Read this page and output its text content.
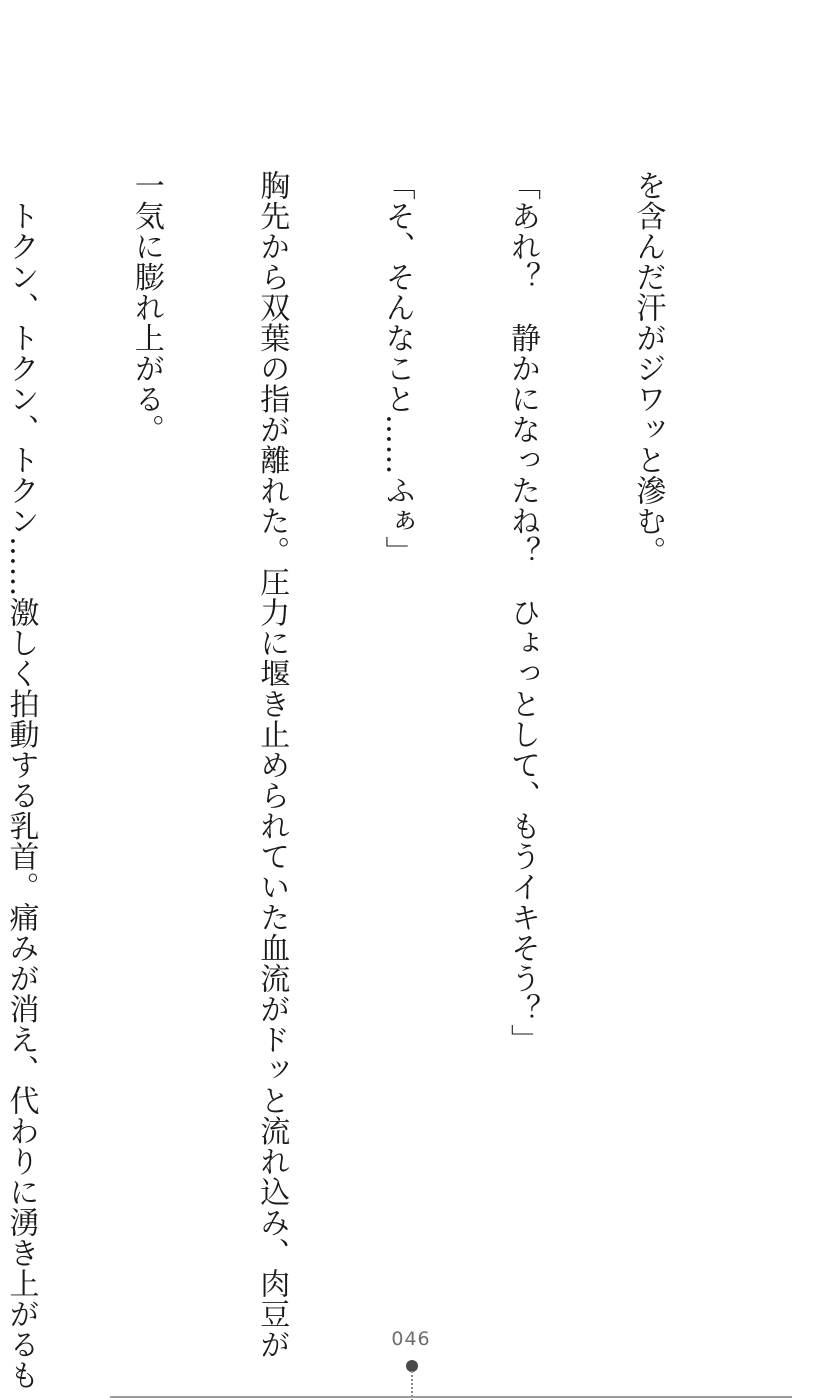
を含んだ汗がジワッと滲む。

「あれ？　静かになったね？　ひょっとして、もうイキそう？」

「そ、そんなこと……ふぁ」

胸先から双葉の指が離れた。圧力に堰き止められていた血流がドッと流れ込み、肉豆が

一気に膨れ上がる。

　トクン、トクン、トクン……激しく拍動する乳首。痛みが消え、代わりに湧き上がるも

	046
